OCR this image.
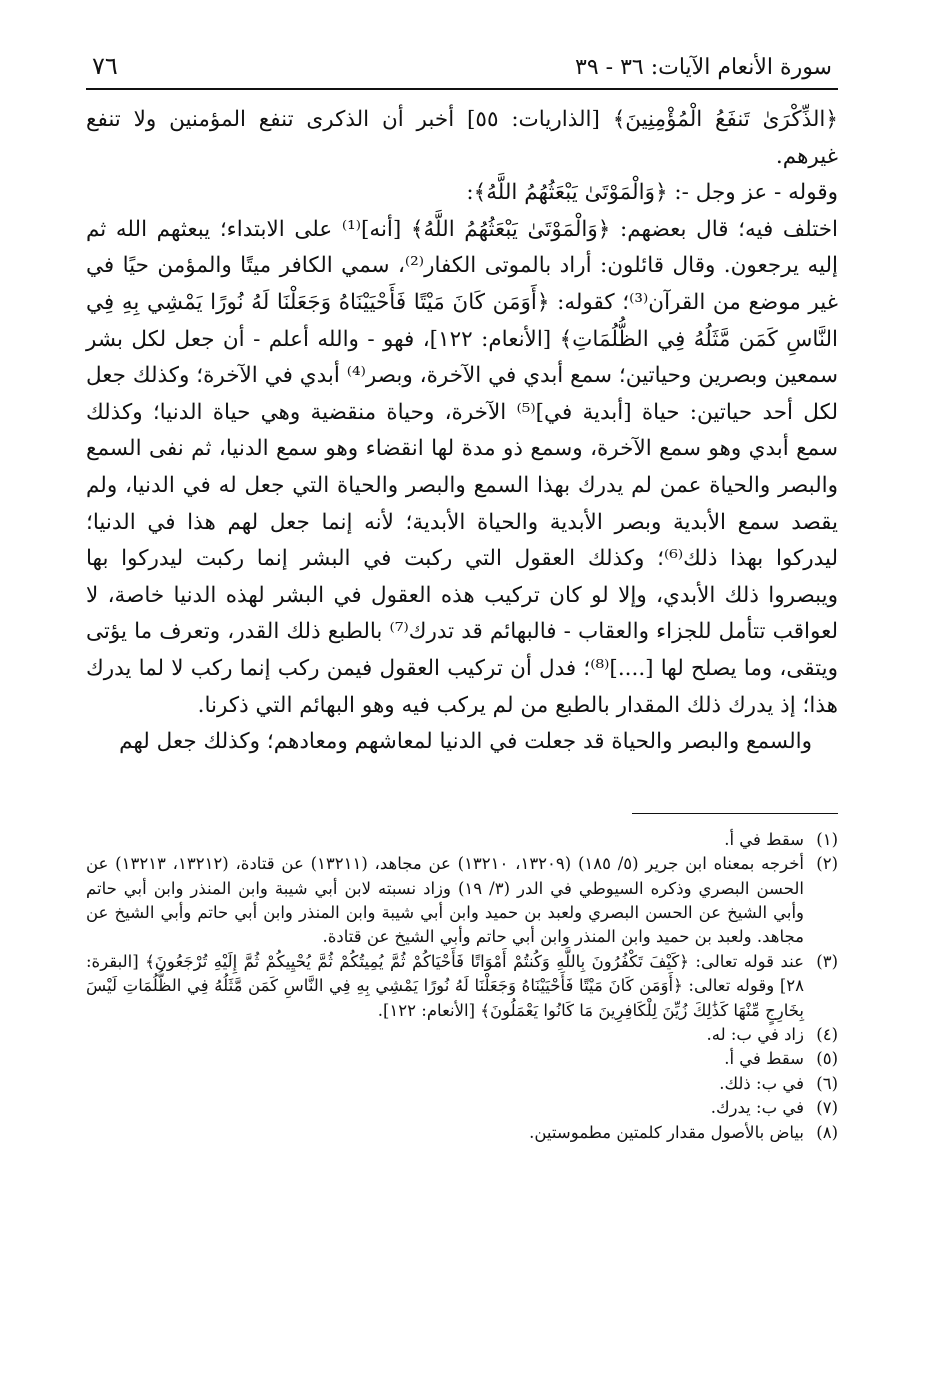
سورة الأنعام الآيات: ٣٦ - ٣٩
٧٦

﴿الذِّكْرَىٰ تَنفَعُ الْمُؤْمِنِينَ﴾ [الذاريات: ٥٥] أخبر أن الذكرى تنفع المؤمنين ولا تنفع غيرهم.

وقوله - عز وجل -: ﴿وَالْمَوْتَىٰ يَبْعَثُهُمُ اللَّهُ﴾:

اختلف فيه؛ قال بعضهم: ﴿وَالْمَوْتَىٰ يَبْعَثُهُمُ اللَّهُ﴾ [أنه]⁽¹⁾ على الابتداء؛ يبعثهم الله ثم إليه يرجعون. وقال قائلون: أراد بالموتى الكفار⁽²⁾، سمي الكافر ميتًا والمؤمن حيًا في غير موضع من القرآن⁽³⁾؛ كقوله: ﴿أَوَمَن كَانَ مَيْتًا فَأَحْيَيْنَاهُ وَجَعَلْنَا لَهُ نُورًا يَمْشِي بِهِ فِي النَّاسِ كَمَن مَّثَلُهُ فِي الظُّلُمَاتِ﴾ [الأنعام: ١٢٢]، فهو - والله أعلم - أن جعل لكل بشر سمعين وبصرين وحياتين؛ سمع أبدي في الآخرة، وبصر⁽⁴⁾ أبدي في الآخرة؛ وكذلك جعل لكل أحد حياتين: حياة [أبدية في]⁽⁵⁾ الآخرة، وحياة منقضية وهي حياة الدنيا؛ وكذلك سمع أبدي وهو سمع الآخرة، وسمع ذو مدة لها انقضاء وهو سمع الدنيا، ثم نفى السمع والبصر والحياة عمن لم يدرك بهذا السمع والبصر والحياة التي جعل له في الدنيا، ولم يقصد سمع الأبدية وبصر الأبدية والحياة الأبدية؛ لأنه إنما جعل لهم هذا في الدنيا؛ ليدركوا بهذا ذلك⁽⁶⁾؛ وكذلك العقول التي ركبت في البشر إنما ركبت ليدركوا بها ويبصروا ذلك الأبدي، وإلا لو كان تركيب هذه العقول في البشر لهذه الدنيا خاصة، لا لعواقب تتأمل للجزاء والعقاب - فالبهائم قد تدرك⁽⁷⁾ بالطبع ذلك القدر، وتعرف ما يؤتى ويتقى، وما يصلح لها [....]⁽⁸⁾؛ فدل أن تركيب العقول فيمن ركب إنما ركب لا لما يدرك هذا؛ إذ يدرك ذلك المقدار بالطبع من لم يركب فيه وهو البهائم التي ذكرنا.

والسمع والبصر والحياة قد جعلت في الدنيا لمعاشهم ومعادهم؛ وكذلك جعل لهم

(١)
سقط في أ.
(٢)
أخرجه بمعناه ابن جرير (٥/ ١٨٥) (١٣٢٠٩، ١٣٢١٠) عن مجاهد، (١٣٢١١) عن قتادة، (١٣٢١٢، ١٣٢١٣) عن الحسن البصري وذكره السيوطي في الدر (٣/ ١٩) وزاد نسبته لابن أبي شيبة وابن المنذر وابن أبي حاتم وأبي الشيخ عن الحسن البصري ولعبد بن حميد وابن أبي شيبة وابن المنذر وابن أبي حاتم وأبي الشيخ عن مجاهد. ولعبد بن حميد وابن المنذر وابن أبي حاتم وأبي الشيخ عن قتادة.
(٣)
عند قوله تعالى: ﴿كَيْفَ تَكْفُرُونَ بِاللَّهِ وَكُنتُمْ أَمْوَاتًا فَأَحْيَاكُمْ ثُمَّ يُمِيتُكُمْ ثُمَّ يُحْيِيكُمْ ثُمَّ إِلَيْهِ تُرْجَعُونَ﴾ [البقرة: ٢٨] وقوله تعالى: ﴿أَوَمَن كَانَ مَيْتًا فَأَحْيَيْنَاهُ وَجَعَلْنَا لَهُ نُورًا يَمْشِي بِهِ فِي النَّاسِ كَمَن مَّثَلُهُ فِي الظُّلُمَاتِ لَيْسَ بِخَارِجٍ مِّنْهَا كَذَٰلِكَ زُيِّنَ لِلْكَافِرِينَ مَا كَانُوا يَعْمَلُونَ﴾ [الأنعام: ١٢٢].
(٤)
زاد في ب: له.
(٥)
سقط في أ.
(٦)
في ب: ذلك.
(٧)
في ب: يدرك.
(٨)
بياض بالأصول مقدار كلمتين مطموستين.
